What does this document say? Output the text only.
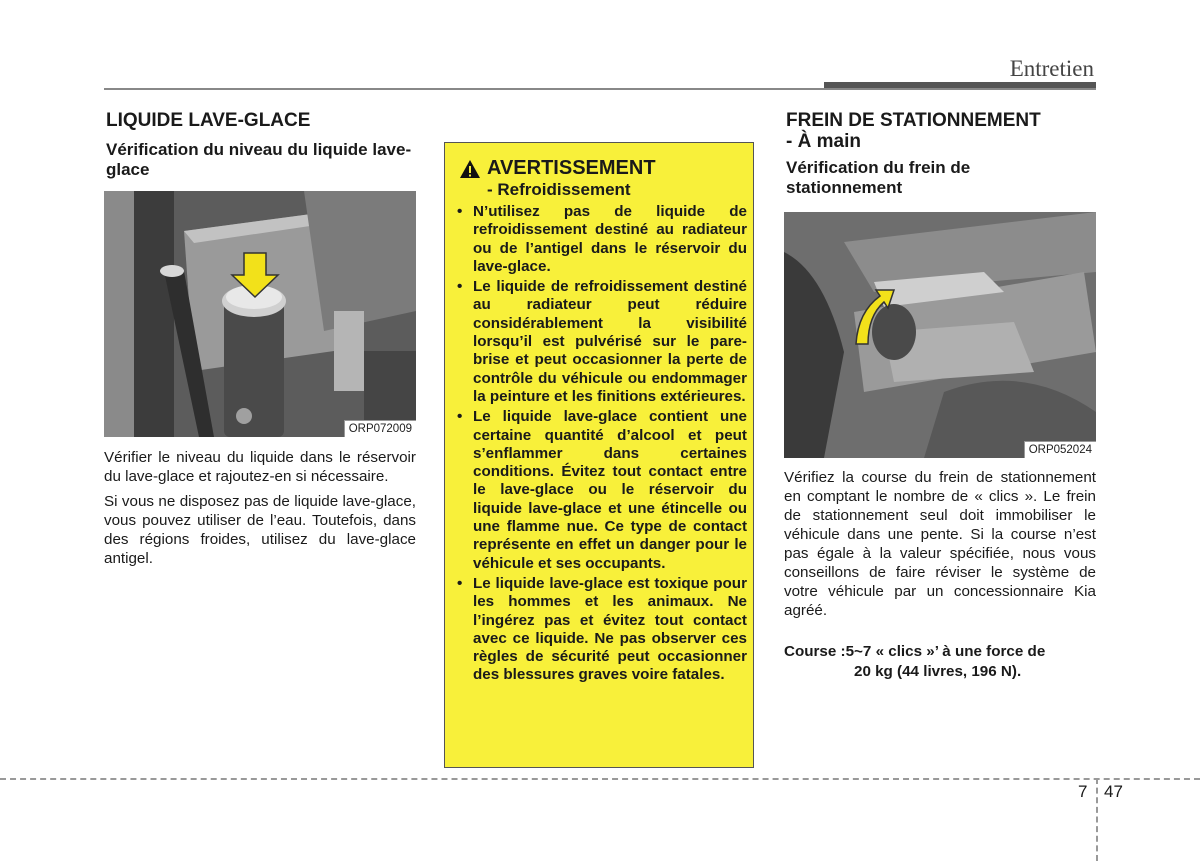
Entretien
LIQUIDE LAVE-GLACE
Vérification du niveau du liquide lave-glace
ORP072009

Vérifier le niveau du liquide dans le réservoir du lave-glace et rajoutez-en si nécessaire.

Si vous ne disposez pas de liquide lave-glace, vous pouvez utiliser de l’eau. Toutefois, dans des régions froides, utilisez du lave-glace antigel.

AVERTISSEMENT
- Refroidissement
• N’utilisez pas de liquide de refroidissement destiné au radiateur ou de l’antigel dans le réservoir du lave-glace.
• Le liquide de refroidissement destiné au radiateur peut réduire considérablement la visibilité lorsqu’il est pulvérisé sur le pare-brise et peut occasionner la perte de contrôle du véhicule ou endommager la peinture et les finitions extérieures.
• Le liquide lave-glace contient une certaine quantité d’alcool et peut s’enflammer dans certaines conditions. Évitez tout contact entre le lave-glace ou le réservoir du liquide lave-glace et une étincelle ou une flamme nue. Ce type de contact représente en effet un danger pour le véhicule et ses occupants.
• Le liquide lave-glace est toxique pour les hommes et les animaux. Ne l’ingérez pas et évitez tout contact avec ce liquide. Ne pas observer ces règles de sécurité peut occasionner des blessures graves voire fatales.
FREIN DE STATIONNEMENT
- À main
Vérification du frein de stationnement
ORP052024

Vérifiez la course du frein de stationnement en comptant le nombre de « clics ». Le frein de stationnement seul doit immobiliser le véhicule dans une pente. Si la course n’est pas égale à la valeur spécifiée, nous vous conseillons de faire réviser le système de votre véhicule par un concessionnaire Kia agréé.

Course :5~7 « clics »’ à une force de
20 kg (44 livres, 196 N).
7 47
